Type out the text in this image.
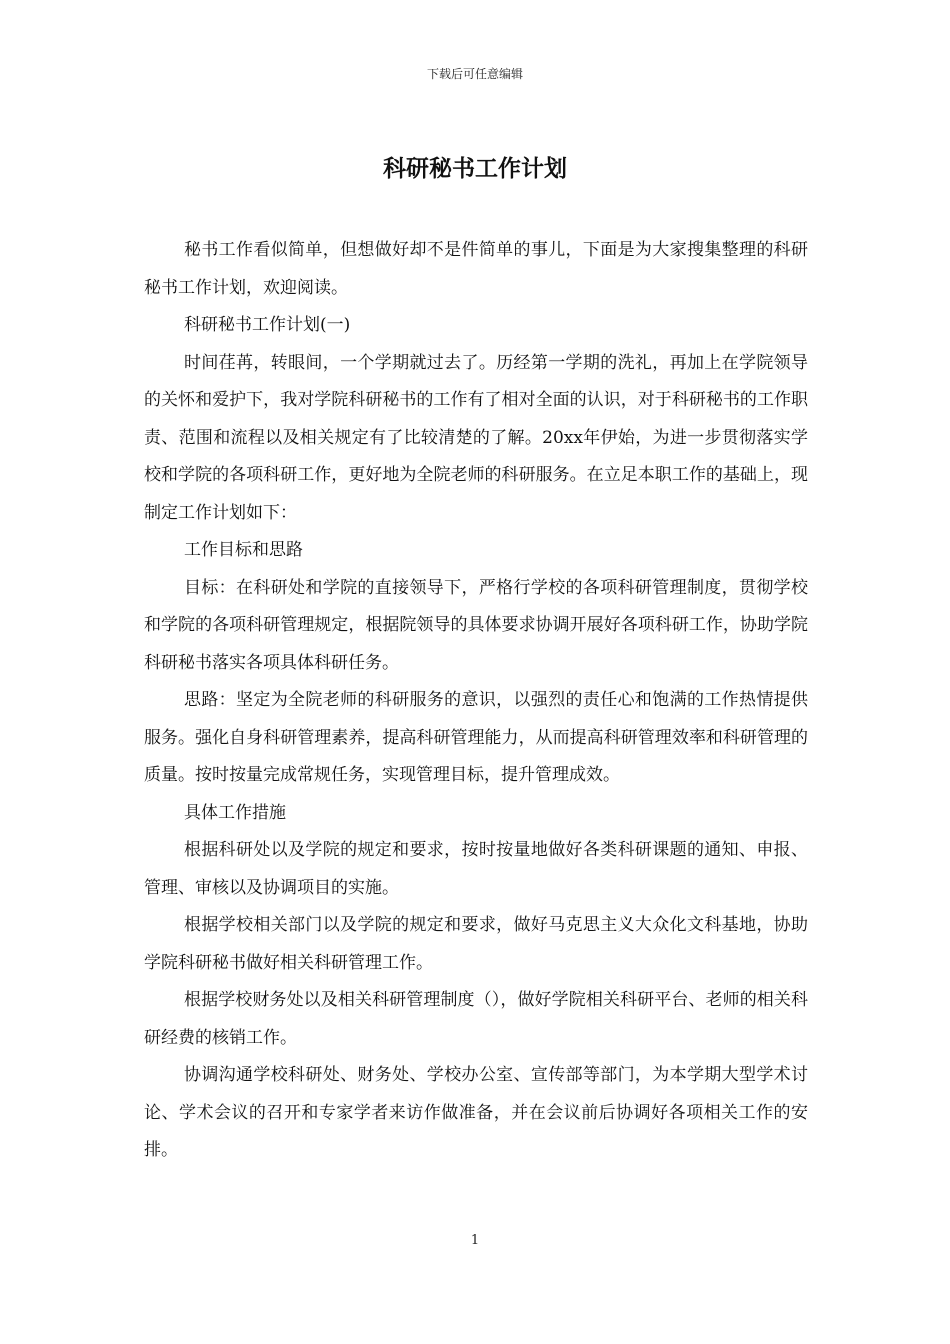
下载后可任意编辑
科研秘书工作计划

秘书工作看似简单，但想做好却不是件简单的事儿，下面是为大家搜集整理的科研秘书工作计划，欢迎阅读。

科研秘书工作计划(一)

时间荏苒，转眼间，一个学期就过去了。历经第一学期的洗礼，再加上在学院领导的关怀和爱护下，我对学院科研秘书的工作有了相对全面的认识，对于科研秘书的工作职责、范围和流程以及相关规定有了比较清楚的了解。20xx年伊始，为进一步贯彻落实学校和学院的各项科研工作，更好地为全院老师的科研服务。在立足本职工作的基础上，现制定工作计划如下：

工作目标和思路

目标：在科研处和学院的直接领导下，严格行学校的各项科研管理制度，贯彻学校和学院的各项科研管理规定，根据院领导的具体要求协调开展好各项科研工作，协助学院科研秘书落实各项具体科研任务。

思路：坚定为全院老师的科研服务的意识，以强烈的责任心和饱满的工作热情提供服务。强化自身科研管理素养，提高科研管理能力，从而提高科研管理效率和科研管理的质量。按时按量完成常规任务，实现管理目标，提升管理成效。

具体工作措施

根据科研处以及学院的规定和要求，按时按量地做好各类科研课题的通知、申报、管理、审核以及协调项目的实施。

根据学校相关部门以及学院的规定和要求，做好马克思主义大众化文科基地，协助学院科研秘书做好相关科研管理工作。

根据学校财务处以及相关科研管理制度（），做好学院相关科研平台、老师的相关科研经费的核销工作。

协调沟通学校科研处、财务处、学校办公室、宣传部等部门，为本学期大型学术讨论、学术会议的召开和专家学者来访作做准备，并在会议前后协调好各项相关工作的安排。

1
